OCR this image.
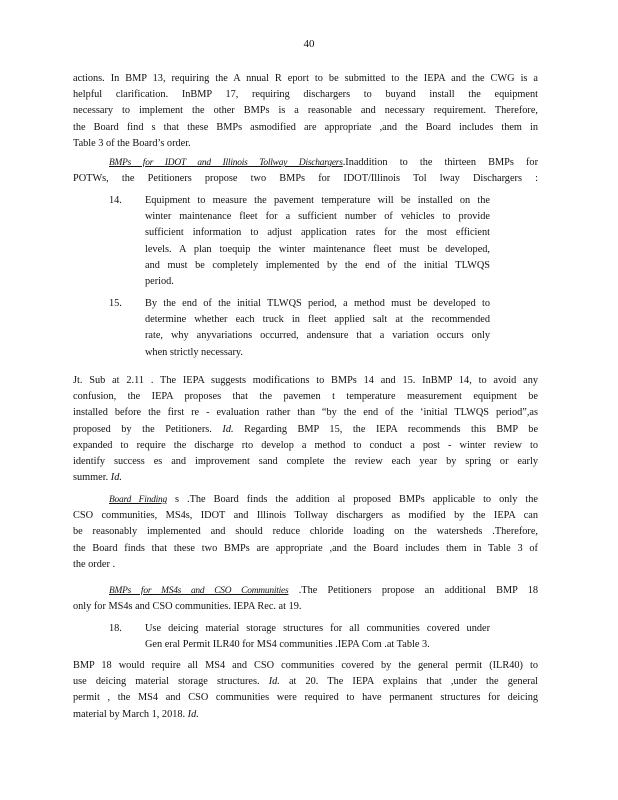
40
actions. In BMP 13, requiring the A nnual R eport to be submitted to the IEPA and the CWG is a
helpful clarification. InBMP 17, requiring dischargers to buyand install the equipment
necessary to implement the other BMPs is a reasonable and necessary requirement. Therefore,
the Board find s that these BMPs asmodified are appropriate ,and the Board includes them in
Table 3 of the Board’s order.
BMPs for IDOT and Illinois Tollway Dischargers.Inaddition to the thirteen BMPs for
POTWs, the Petitioners propose two BMPs for IDOT/Illinois Tol lway Dischargers :
14. Equipment to measure the pavement temperature will be installed on the
winter maintenance fleet for a sufficient number of vehicles to provide
sufficient information to adjust application rates for the most efficient
levels. A plan toequip the winter maintenance fleet must be developed,
and must be completely implemented by the end of the initial TLWQS
period.
15. By the end of the initial TLWQS period, a method must be developed to
determine whether each truck in fleet applied salt at the recommended
rate, why anyvariations occurred, andensure that a variation occurs only
when strictly necessary.
Jt. Sub at 2.11 . The IEPA suggests modifications to BMPs 14 and 15. InBMP 14, to avoid any
confusion, the IEPA proposes that the pavemen t temperature measurement equipment be
installed before the first re - evaluation rather than “by the end of the ‘initial TLWQS period”,as
proposed by the Petitioners. Id. Regarding BMP 15, the IEPA recommends this BMP be
expanded to require the discharge rto develop a method to conduct a post - winter review to
identify success es and improvement sand complete the review each year by spring or early
summer. Id.
Board Finding s .The Board finds the addition al proposed BMPs applicable to only the
CSO communities, MS4s, IDOT and Illinois Tollway dischargers as modified by the IEPA can
be reasonably implemented and should reduce chloride loading on the watersheds .Therefore,
the Board finds that these two BMPs are appropriate ,and the Board includes them in Table 3 of
the order .
BMPs for MS4s and CSO Communities .The Petitioners propose an additional BMP 18
only for MS4s and CSO communities. IEPA Rec. at 19.
18. Use deicing material storage structures for all communities covered under
Gen eral Permit ILR40 for MS4 communities .IEPA Com .at Table 3.
BMP 18 would require all MS4 and CSO communities covered by the general permit (ILR40) to
use deicing material storage structures. Id. at 20. The IEPA explains that ,under the general
permit , the MS4 and CSO communities were required to have permanent structures for deicing
material by March 1, 2018. Id.
